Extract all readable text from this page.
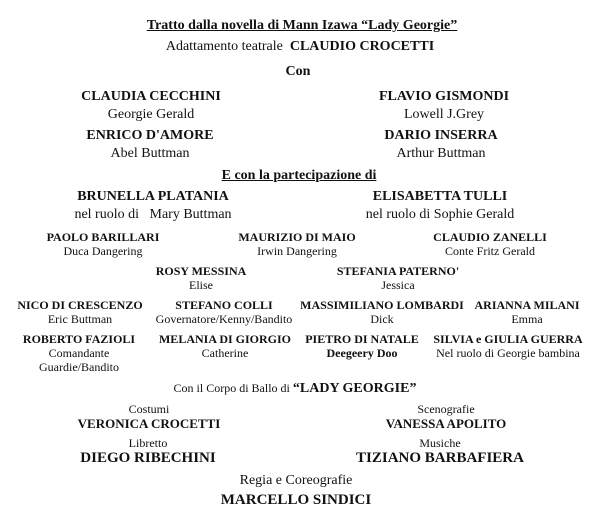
Tratto dalla novella di Mann Izawa “Lady Georgie”
Adattamento teatrale CLAUDIO CROCETTI
Con
CLAUDIA CECCHINI
Georgie Gerald
FLAVIO GISMONDI
Lowell J.Grey
ENRICO D'AMORE
Abel Buttman
DARIO INSERRA
Arthur Buttman
E con la partecipazione di
BRUNELLA PLATANIA
nel ruolo di   Mary Buttman
ELISABETTA TULLI
nel ruolo di Sophie Gerald
PAOLO BARILLARI
Duca Dangering
MAURIZIO DI MAIO
Irwin Dangering
CLAUDIO ZANELLI
Conte Fritz Gerald
ROSY MESSINA
Elise
STEFANIA PATERNO'
Jessica
NICO DI CRESCENZO
Eric Buttman
STEFANO COLLI
Governatore/Kenny/Bandito
MASSIMILIANO LOMBARDI
Dick
ARIANNA MILANI
Emma
ROBERTO FAZIOLI
Comandante
Guardie/Bandito
MELANIA DI GIORGIO
Catherine
PIETRO DI NATALE
Deegeery Doo
SILVIA e GIULIA GUERRA
Nel ruolo di Georgie bambina
Con il Corpo di Ballo di “LADY GEORGIE”
Costumi
VERONICA CROCETTI
Scenografie
VANESSA APOLITO
Libretto
DIEGO RIBECHINI
Musiche
TIZIANO BARBAFIERA
Regia e Coreografie
MARCELLO SINDICI
